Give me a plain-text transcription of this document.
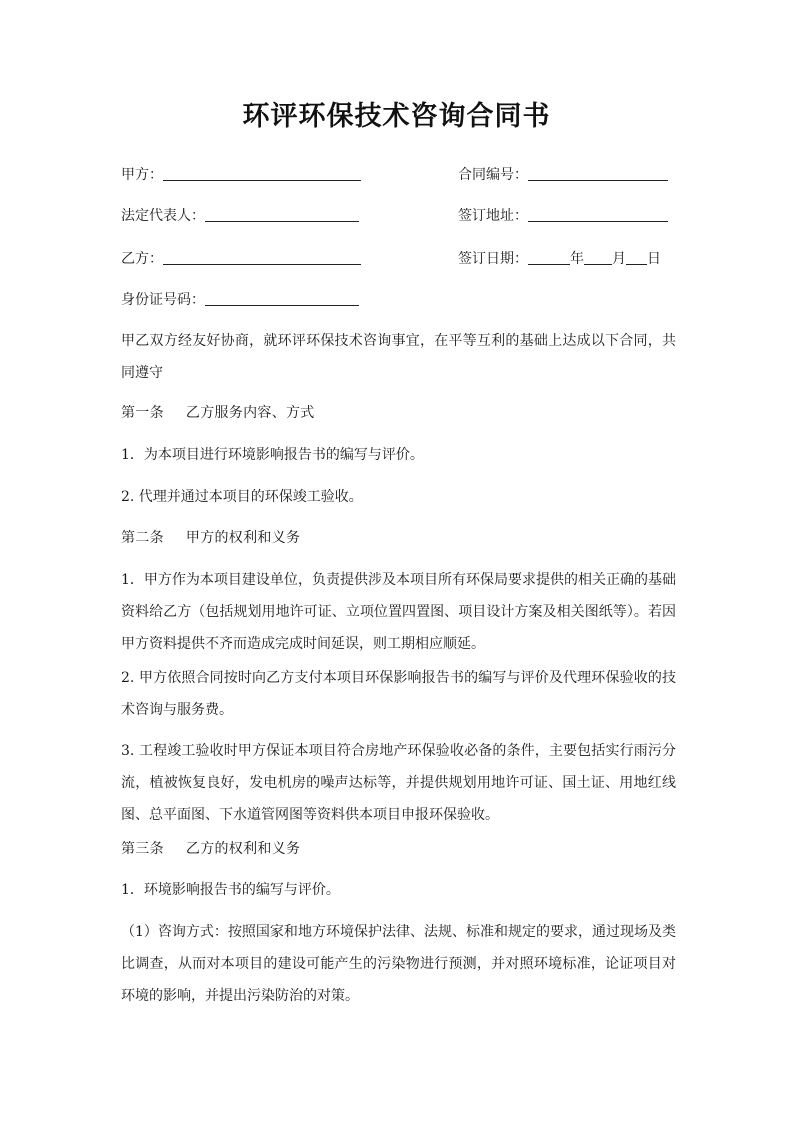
环评环保技术咨询合同书
甲方：	合同编号：
法定代表人：	签订地址：
乙方：	签订日期：	年 月 日
身份证号码：

甲乙双方经友好协商，就环评环保技术咨询事宜，在平等互利的基础上达成以下合同，共同遵守

第一条 乙方服务内容、方式

1．为本项目进行环境影响报告书的编写与评价。

2. 代理并通过本项目的环保竣工验收。

第二条 甲方的权利和义务

1．甲方作为本项目建设单位，负责提供涉及本项目所有环保局要求提供的相关正确的基础资料给乙方（包括规划用地许可证、立项位置四置图、项目设计方案及相关图纸等）。若因甲方资料提供不齐而造成完成时间延误，则工期相应顺延。

2. 甲方依照合同按时向乙方支付本项目环保影响报告书的编写与评价及代理环保验收的技术咨询与服务费。

3. 工程竣工验收时甲方保证本项目符合房地产环保验收必备的条件，主要包括实行雨污分流，植被恢复良好，发电机房的噪声达标等，并提供规划用地许可证、国土证、用地红线图、总平面图、下水道管网图等资料供本项目申报环保验收。

第三条 乙方的权利和义务

1．环境影响报告书的编写与评价。

（1）咨询方式：按照国家和地方环境保护法律、法规、标准和规定的要求，通过现场及类比调查，从而对本项目的建设可能产生的污染物进行预测，并对照环境标准，论证项目对环境的影响，并提出污染防治的对策。
